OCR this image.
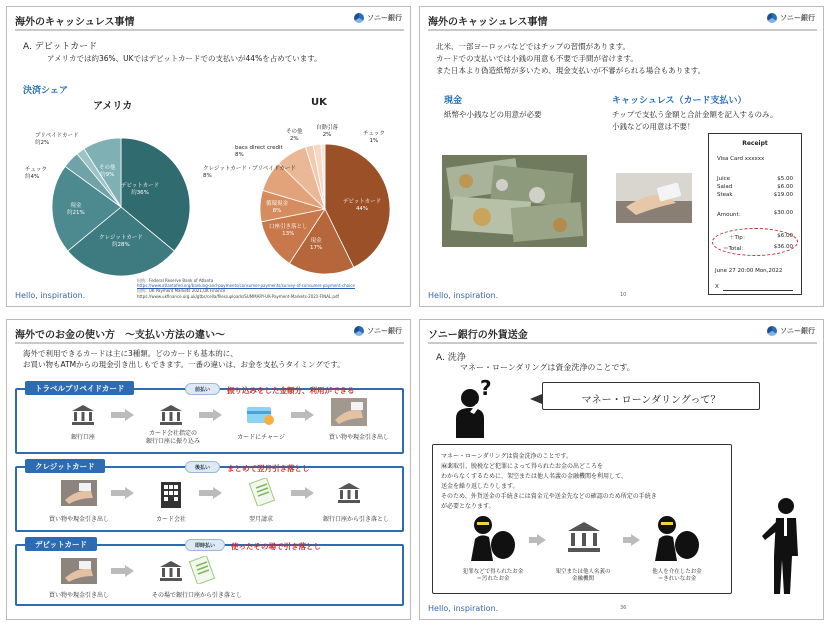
海外のキャッシュレス事情	ソニー銀行
A. デビットカード
アメリカでは約36%、UKではデビットカードでの支払いが44%を占めています。
決済シェア
アメリカ	UK
デビットカード
約36%
クレジットカード
約28%
現金
約21%
その他
約9%
チェック
約4%
プリペイドカード
約2%
デビットカード
44%
現金
17%
口座引き落とし
13%
循環現金
8%
クレジットカード・プリペイドカード
8%
bacs direct credit
8%
その他
2%
自動引落
2%	チェック
1%
出所：Federal Reserve Bank of Atlanta
https://www.atlantafed.org/banking-and-payments/consumer-payments/survey-of-consumer-payment-choice
出所：UK Payment Markets 2021,UK Finance
https://www.ukfinance.org.uk/gtbs/cella/files/uploads/SUMMARY-UK-Payment-Markets-2021-FINAL.pdf
Hello, inspiration.
海外のキャッシュレス事情	ソニー銀行
北米、一部ヨーロッパなどではチップの習慣があります。
カードでの支払いでは小銭の用意も不要で手間が省けます。
また日本より偽造紙幣が多いため、現金支払いが不審がられる場合もあります。
現金
紙幣や小銭などの用意が必要
キャッシュレス（カード支払い）
チップで支払う金額と合計金額を記入するのみ。
小銭などの用意は不要！
Receipt
Visa Card xxxxxx
Juice	$5.00
Salad	$6.00
Steak	$19.00
Amount：	$30.00
＋Tip：	$6.00
＝Total：	$36.00
June 27 20:00 Mon,2022
X
Hello, inspiration.	10
海外でのお金の使い方　～支払い方法の違い～	ソニー銀行
海外で利用できるカードは主に3種類。どのカードも基本的に、
お買い物もATMからの現金引き出しもできます。一番の違いは、お金を支払うタイミングです。
トラベルプリペイドカード	前払い	振り込みをした金額分、利用ができる
銀行口座
カード会社指定の
銀行口座に振り込み	カードにチャージ	買い物や現金引き出し
クレジットカード	後払い	まとめて翌月引き落とし
買い物や現金引き出し	カード会社	翌月請求	銀行口座から引き落とし
デビットカード	即時払い	使ったその場で引き落とし
買い物や現金引き出し	その場で銀行口座から引き落とし
ソニー銀行の外貨送金	ソニー銀行
A. 洗浄
マネー・ローンダリングは資金洗浄のことです。
?
マネー・ローンダリングって？
マネー・ローンダリングは資金洗浄のことです。
麻薬取引、脱税など犯罪によって得られたお金の出どころを
わからなくするために、架空または他人名義の金融機関を利用して、
送金を繰り返したりします。
そのため、外貨送金の手続きには資金元や送金先などの確認のため所定の手続き
が必要となります。
犯罪などで得られたお金
＝汚れたお金
架空または他人名義の
金融機関
他人を介在したお金
＝きれいなお金
Hello, inspiration.	36
